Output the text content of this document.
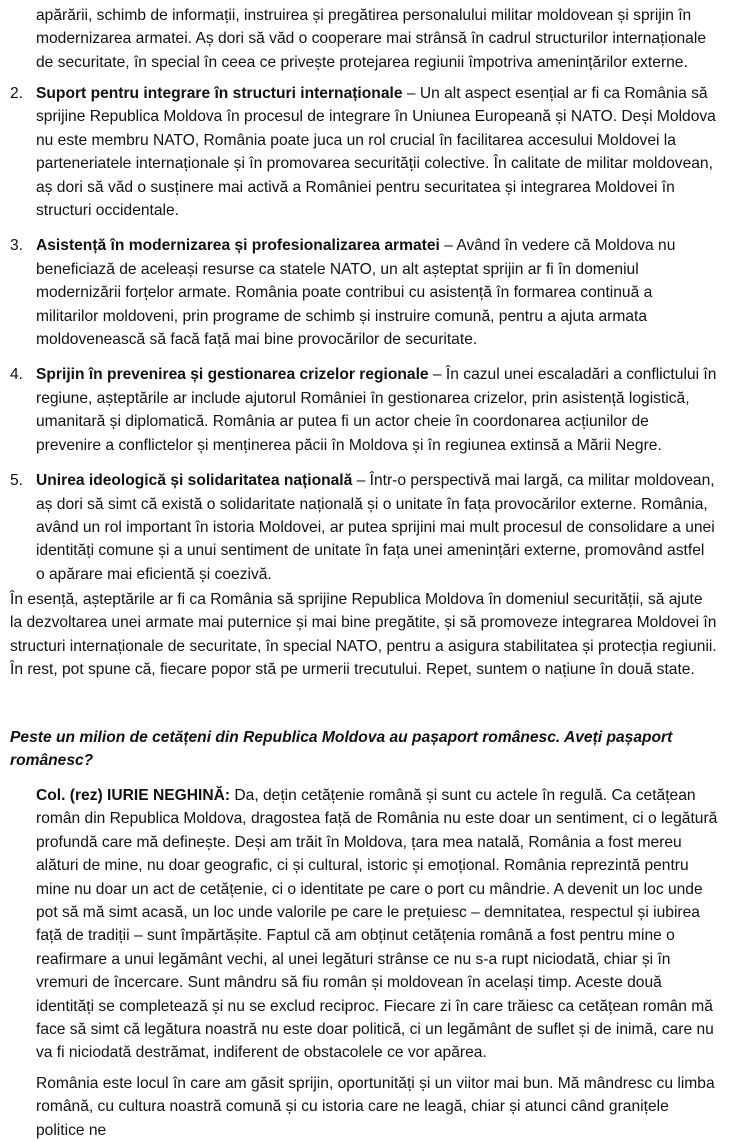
apărării, schimb de informații, instruirea și pregătirea personalului militar moldovean și sprijin în modernizarea armatei. Aș dori să văd o cooperare mai strânsă în cadrul structurilor internaționale de securitate, în special în ceea ce privește protejarea regiunii împotriva amenințărilor externe.

2. Suport pentru integrare în structuri internaționale – Un alt aspect esențial ar fi ca România să sprijine Republica Moldova în procesul de integrare în Uniunea Europeană și NATO. Deși Moldova nu este membru NATO, România poate juca un rol crucial în facilitarea accesului Moldovei la parteneriatele internaționale și în promovarea securității colective. În calitate de militar moldovean, aș dori să văd o susținere mai activă a României pentru securitatea și integrarea Moldovei în structuri occidentale.
3. Asistență în modernizarea și profesionalizarea armatei – Având în vedere că Moldova nu beneficiază de aceleași resurse ca statele NATO, un alt așteptat sprijin ar fi în domeniul modernizării forțelor armate. România poate contribui cu asistență în formarea continuă a militarilor moldoveni, prin programe de schimb și instruire comună, pentru a ajuta armata moldovenească să facă față mai bine provocărilor de securitate.
4. Sprijin în prevenirea și gestionarea crizelor regionale – În cazul unei escaladări a conflictului în regiune, așteptările ar include ajutorul României în gestionarea crizelor, prin asistență logistică, umanitară și diplomatică. România ar putea fi un actor cheie în coordonarea acțiunilor de prevenire a conflictelor și menținerea păcii în Moldova și în regiunea extinsă a Mării Negre.
5. Unirea ideologică și solidaritatea națională – Într-o perspectivă mai largă, ca militar moldovean, aș dori să simt că există o solidaritate națională și o unitate în fața provocărilor externe. România, având un rol important în istoria Moldovei, ar putea sprijini mai mult procesul de consolidare a unei identități comune și a unui sentiment de unitate în fața unei amenințări externe, promovând astfel o apărare mai eficientă și coezivă.

În esență, așteptările ar fi ca România să sprijine Republica Moldova în domeniul securității, să ajute la dezvoltarea unei armate mai puternice și mai bine pregătite, și să promoveze integrarea Moldovei în structuri internaționale de securitate, în special NATO, pentru a asigura stabilitatea și protecția regiunii. În rest, pot spune că, fiecare popor stă pe urmerii trecutului. Repet, suntem o națiune în două state.

Peste un milion de cetățeni din Republica Moldova au pașaport românesc. Aveți pașaport românesc?

Col. (rez) IURIE NEGHINĂ: Da, dețin cetățenie română și sunt cu actele în regulă. Ca cetățean român din Republica Moldova, dragostea față de România nu este doar un sentiment, ci o legătură profundă care mă definește. Deși am trăit în Moldova, țara mea natală, România a fost mereu alături de mine, nu doar geografic, ci și cultural, istoric și emoțional. România reprezintă pentru mine nu doar un act de cetățenie, ci o identitate pe care o port cu mândrie. A devenit un loc unde pot să mă simt acasă, un loc unde valorile pe care le prețuiesc – demnitatea, respectul și iubirea față de tradiții – sunt împărtășite. Faptul că am obținut cetățenia română a fost pentru mine o reafirmare a unui legământ vechi, al unei legături strânse ce nu s-a rupt niciodată, chiar și în vremuri de încercare. Sunt mândru să fiu român și moldovean în același timp. Aceste două identități se completează și nu se exclud reciproc. Fiecare zi în care trăiesc ca cetățean român mă face să simt că legătura noastră nu este doar politică, ci un legământ de suflet și de inimă, care nu va fi niciodată destrămat, indiferent de obstacolele ce vor apărea.

România este locul în care am găsit sprijin, oportunități și un viitor mai bun. Mă mândresc cu limba română, cu cultura noastră comună și cu istoria care ne leagă, chiar și atunci când granițele politice ne
